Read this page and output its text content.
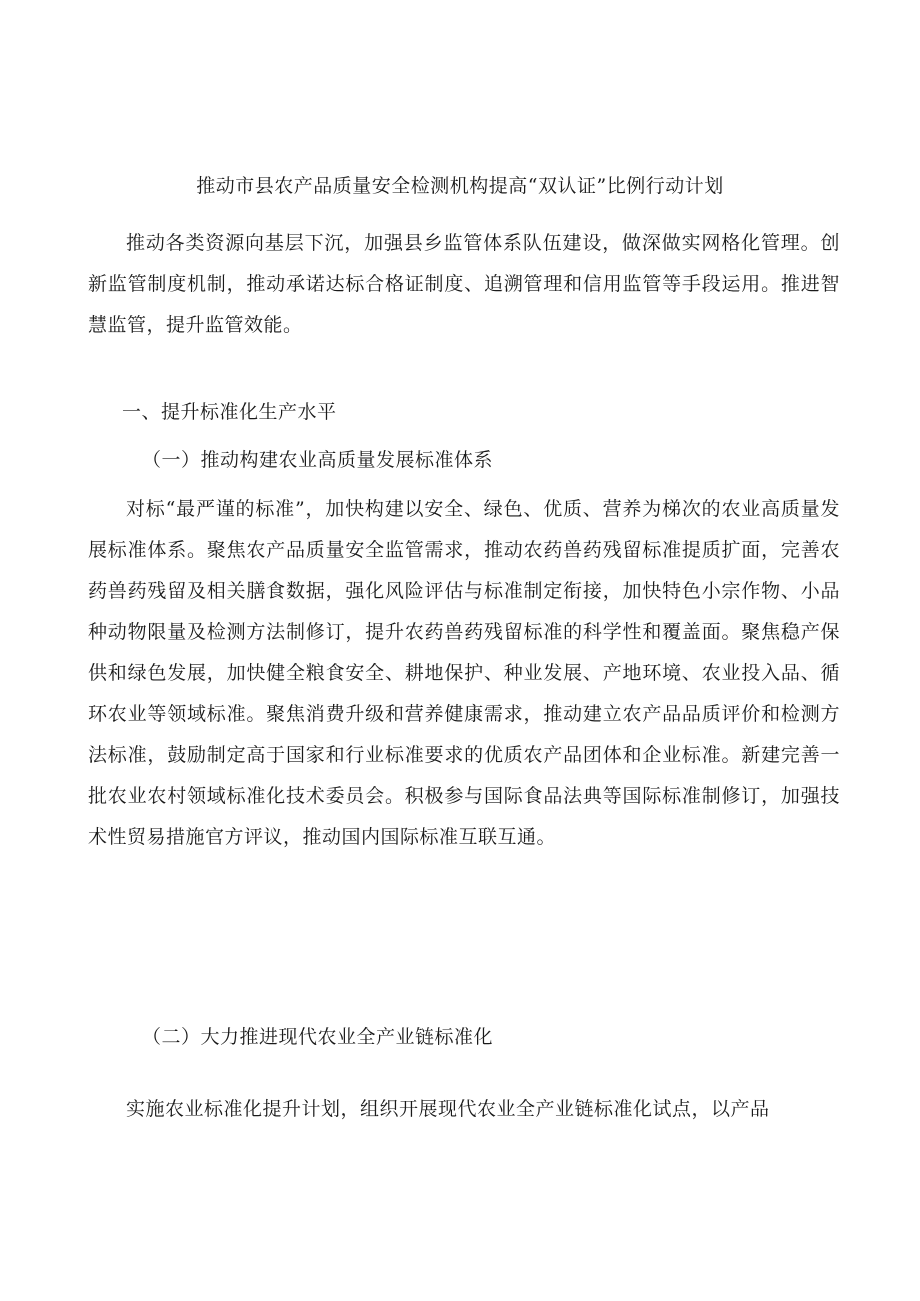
推动市县农产品质量安全检测机构提高“双认证”比例行动计划

推动各类资源向基层下沉，加强县乡监管体系队伍建设，做深做实网格化管理。创新监管制度机制，推动承诺达标合格证制度、追溯管理和信用监管等手段运用。推进智慧监管，提升监管效能。

一、提升标准化生产水平

（一）推动构建农业高质量发展标准体系

对标“最严谨的标准”，加快构建以安全、绿色、优质、营养为梯次的农业高质量发展标准体系。聚焦农产品质量安全监管需求，推动农药兽药残留标准提质扩面，完善农药兽药残留及相关膳食数据，强化风险评估与标准制定衔接，加快特色小宗作物、小品种动物限量及检测方法制修订，提升农药兽药残留标准的科学性和覆盖面。聚焦稳产保供和绿色发展，加快健全粮食安全、耕地保护、种业发展、产地环境、农业投入品、循环农业等领域标准。聚焦消费升级和营养健康需求，推动建立农产品品质评价和检测方法标准，鼓励制定高于国家和行业标准要求的优质农产品团体和企业标准。新建完善一批农业农村领域标准化技术委员会。积极参与国际食品法典等国际标准制修订，加强技术性贸易措施官方评议，推动国内国际标准互联互通。

（二）大力推进现代农业全产业链标准化

实施农业标准化提升计划，组织开展现代农业全产业链标准化试点，以产品
